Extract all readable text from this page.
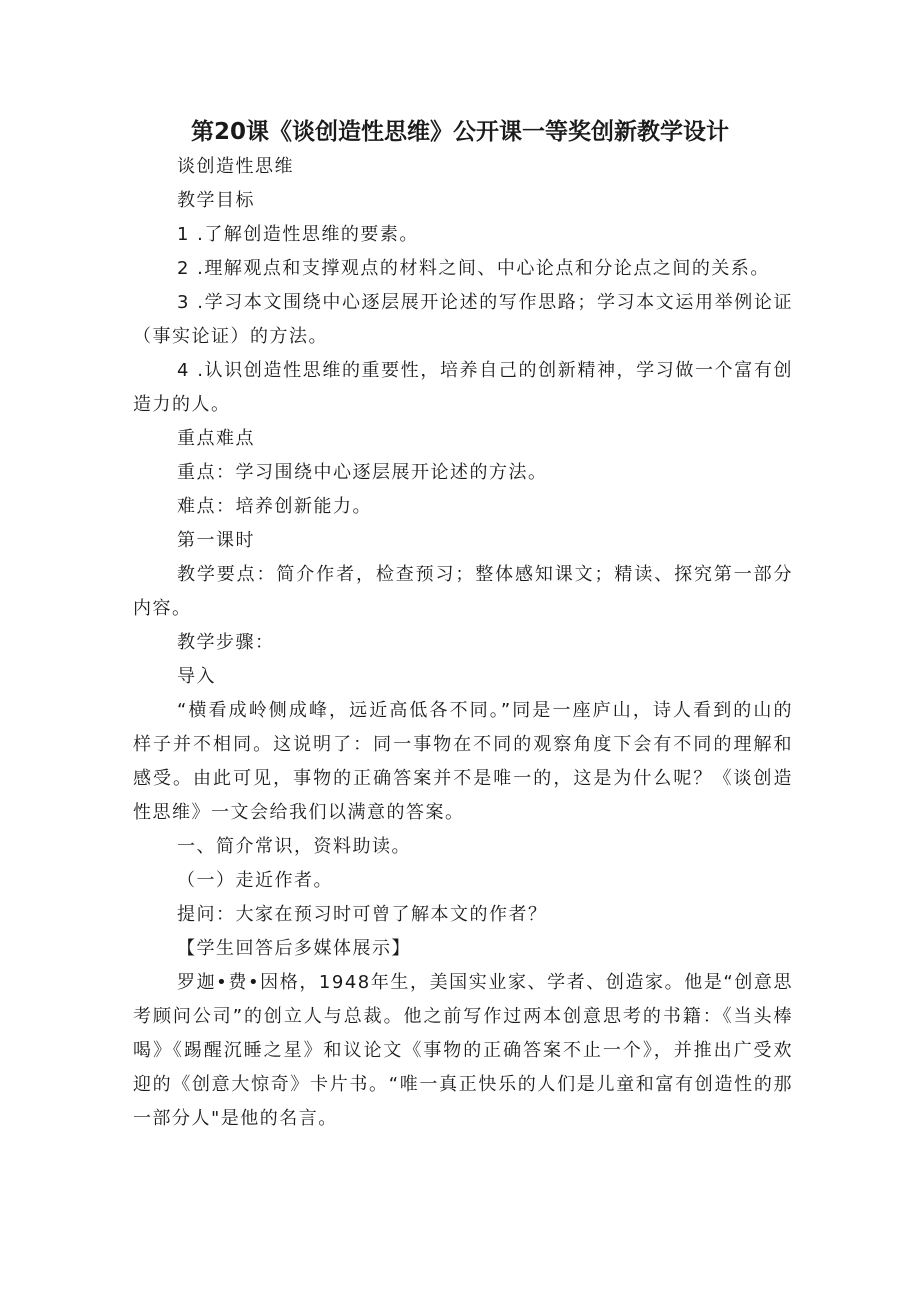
第20课《谈创造性思维》公开课一等奖创新教学设计

谈创造性思维

教学目标

1 .了解创造性思维的要素。

2 .理解观点和支撑观点的材料之间、中心论点和分论点之间的关系。

3 .学习本文围绕中心逐层展开论述的写作思路；学习本文运用举例论证（事实论证）的方法。

4 .认识创造性思维的重要性，培养自己的创新精神，学习做一个富有创造力的人。

重点难点

重点：学习围绕中心逐层展开论述的方法。

难点：培养创新能力。

第一课时

教学要点：简介作者，检查预习；整体感知课文；精读、探究第一部分内容。

教学步骤：

导入

“横看成岭侧成峰，远近高低各不同。”同是一座庐山，诗人看到的山的样子并不相同。这说明了：同一事物在不同的观察角度下会有不同的理解和感受。由此可见，事物的正确答案并不是唯一的，这是为什么呢？《谈创造性思维》一文会给我们以满意的答案。

一、简介常识，资料助读。

（一）走近作者。

提问：大家在预习时可曾了解本文的作者？

【学生回答后多媒体展示】

罗迦•费•因格，1948年生，美国实业家、学者、创造家。他是“创意思考顾问公司”的创立人与总裁。他之前写作过两本创意思考的书籍：《当头棒喝》《踢醒沉睡之星》和议论文《事物的正确答案不止一个》，并推出广受欢迎的《创意大惊奇》卡片书。“唯一真正快乐的人们是儿童和富有创造性的那一部分人"是他的名言。
